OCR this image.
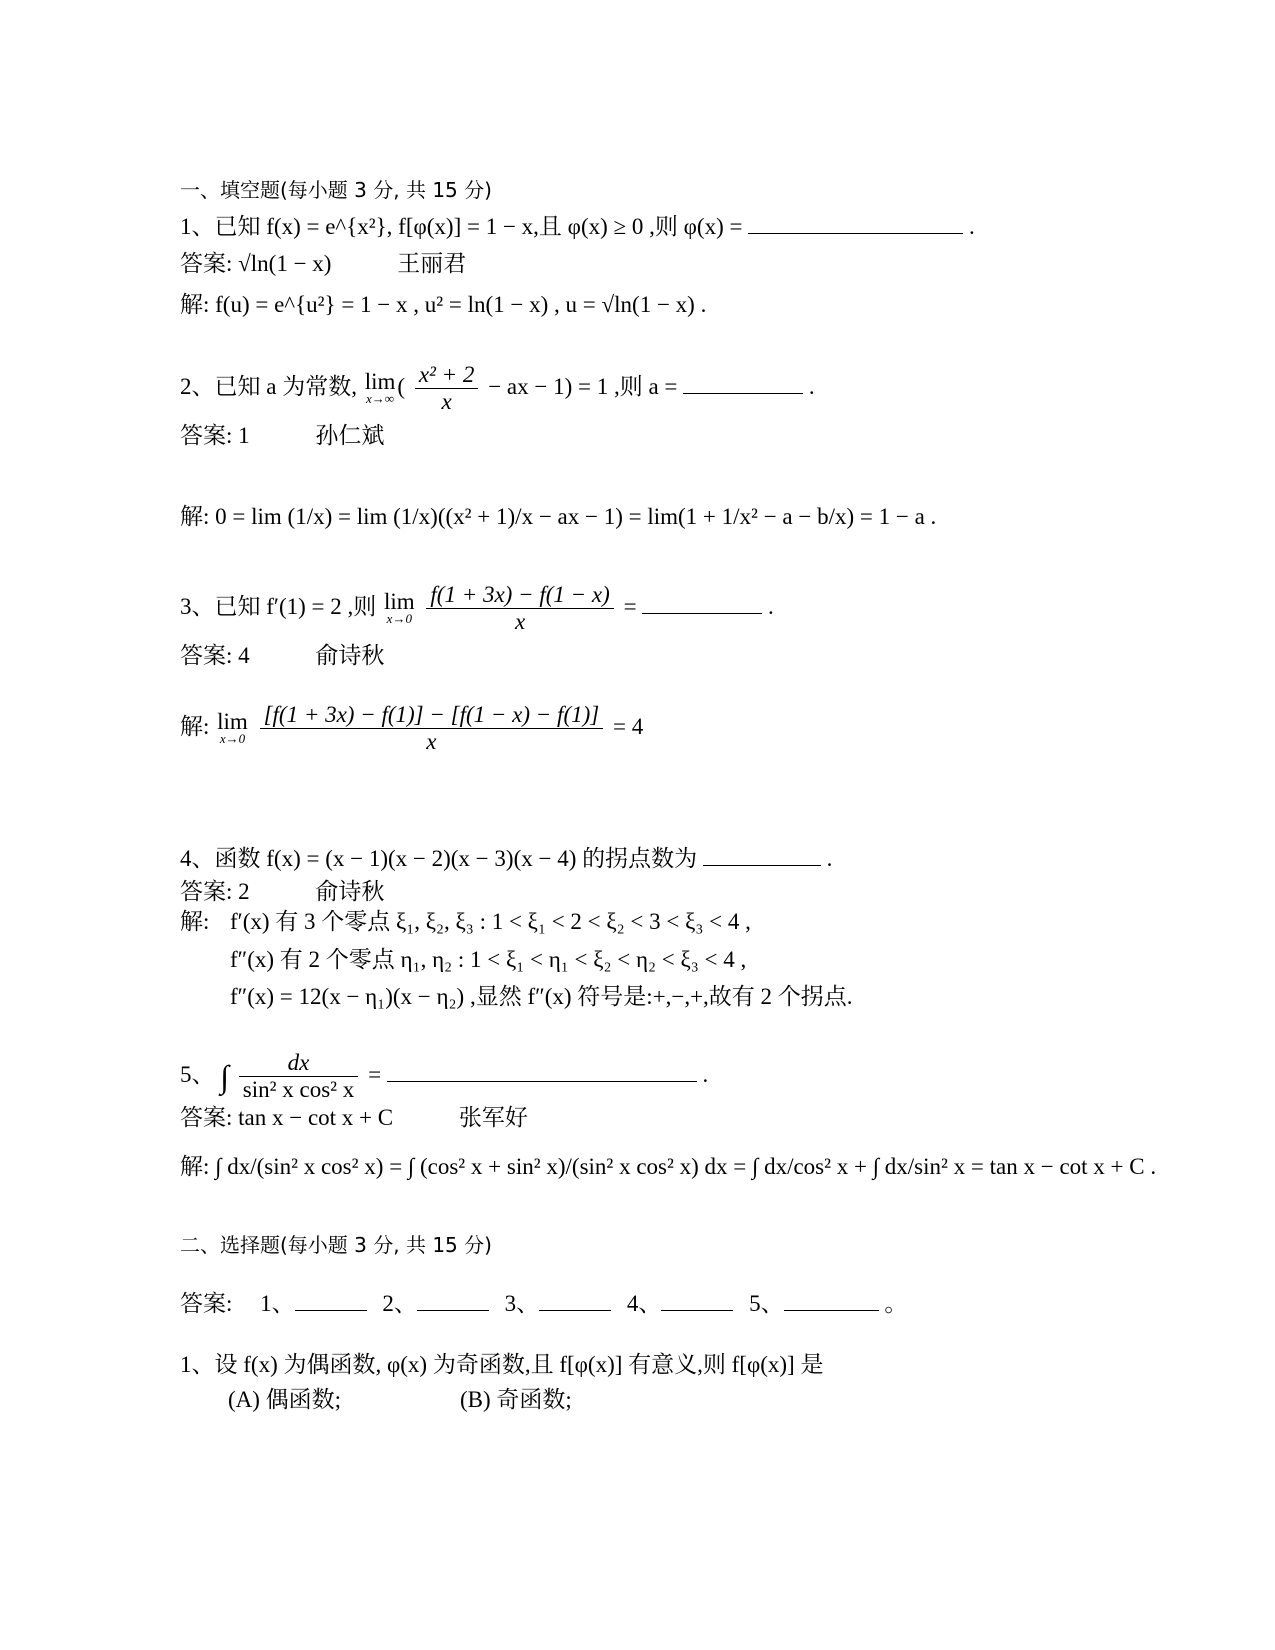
一、填空题(每小题 3 分, 共 15 分)
1、已知 f(x) = e^{x²}, f[φ(x)] = 1 − x,且 φ(x) ≥ 0 ,则 φ(x) =	.
答案: √ln(1 − x)	王丽君
解: f(u) = e^{u²} = 1 − x , u² = ln(1 − x) , u = √ln(1 − x) .
2、已知 a 为常数, lim
x→∞ ( $\frac{\text{x² + 2}}{x}$ − ax − 1) = 1 ,则 a =	.
答案: 1	孙仁斌
解: 0 = lim (1/x) = lim (1/x)((x² + 1)/x − ax − 1) = lim(1 + 1/x² − a − b/x) = 1 − a .
3、已知 f′(1) = 2 ,则 lim
x→0
$\frac{f(1 + 3x) - f(1 - x)}{x}$ =	.
答案: 4	俞诗秋
解: lim
x→0
$\frac{[f(1 + 3x) - f(1)] - [f(1 - x) - f(1)]}{x} = 4$
4、函数 f(x) = (x − 1)(x − 2)(x − 3)(x − 4) 的拐点数为	.
答案: 2	俞诗秋
解: f′(x) 有 3 个零点 ξ₁, ξ₂, ξ₃ : 1 < ξ₁ < 2 < ξ₂ < 3 < ξ₃ < 4 ,
f″(x) 有 2 个零点 η₁, η₂ : 1 < ξ₁ < η₁ < ξ₂ < η₂ < ξ₃ < 4 ,
f″(x) = 12(x − η₁)(x − η₂) ,显然 f″(x) 符号是:+,−,+,故有 2 个拐点.
5、 ∫ $\frac{dx}{\text{sin² x cos² x}}$ =	.
答案: tan x − cot x + C	张军好
解: ∫ dx/(sin² x cos² x) = ∫ (cos² x + sin² x)/(sin² x cos² x) dx = ∫ dx/cos² x + ∫ dx/sin² x = tan x − cot x + C .
二、选择题(每小题 3 分, 共 15 分)
答案: 1、	2、	3、	4、	5、	。
1、设 f(x) 为偶函数, φ(x) 为奇函数,且 f[φ(x)] 有意义,则 f[φ(x)] 是
(A) 偶函数;	(B) 奇函数;
